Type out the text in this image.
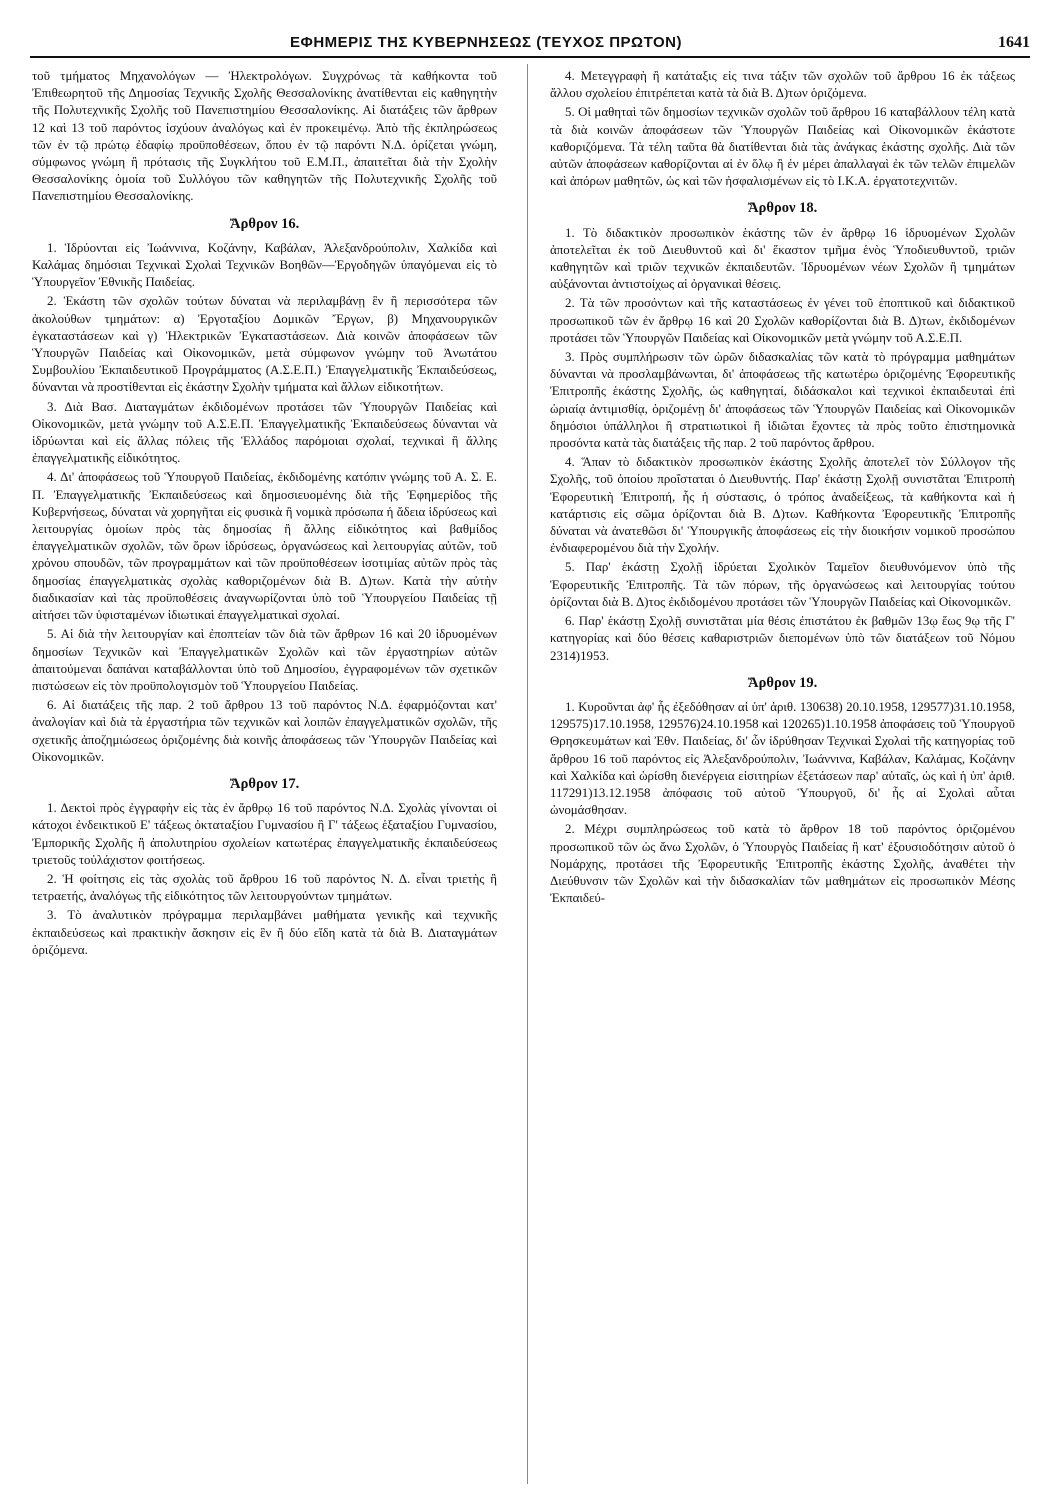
ΕΦΗΜΕΡΙΣ ΤΗΣ ΚΥΒΕΡΝΗΣΕΩΣ (ΤΕΥΧΟΣ ΠΡΩΤΟΝ)	1641

τοῦ τμήματος Μηχανολόγων — Ἠλεκτρολόγων. Συγχρόνως τὰ καθήκοντα τοῦ Ἐπιθεωρητοῦ τῆς Δημοσίας Τεχνικῆς Σχολῆς Θεσσαλονίκης ἀνατίθενται εἰς καθηγητὴν τῆς Πολυτεχνικῆς Σχολῆς τοῦ Πανεπιστημίου Θεσσαλονίκης. Αἱ διατάξεις τῶν ἄρθρων 12 καὶ 13 τοῦ παρόντος ἰσχύουν ἀναλόγως καὶ ἐν προκειμένῳ. Ἀπὸ τῆς ἐκπληρώσεως τῶν ἐν τῷ πρώτῳ ἐδαφίῳ προϋποθέσεων, ὅπου ἐν τῷ παρόντι Ν.Δ. ὁρίζεται γνώμη, σύμφωνος γνώμη ἢ πρότασις τῆς Συγκλήτου τοῦ Ε.Μ.Π., ἀπαιτεῖται διὰ τὴν Σχολὴν Θεσσαλονίκης ὁμοία τοῦ Συλλόγου τῶν καθηγητῶν τῆς Πολυτεχνικῆς Σχολῆς τοῦ Πανεπιστημίου Θεσσαλονίκης.

Ἄρθρον 16.

1. Ἱδρύονται εἰς Ἰωάννινα, Κοζάνην, Καβάλαν, Ἀλεξανδρούπολιν, Χαλκίδα καὶ Καλάμας δημόσιαι Τεχνικαὶ Σχολαὶ Τεχνικῶν Βοηθῶν—Ἐργοδηγῶν ὑπαγόμεναι εἰς τὸ Ὑπουργεῖον Ἐθνικῆς Παιδείας.

2. Ἑκάστη τῶν σχολῶν τούτων δύναται νὰ περιλαμβάνῃ ἓν ἢ περισσότερα τῶν ἀκολούθων τμημάτων: α) Ἐργοταξίου Δομικῶν Ἔργων, β) Μηχανουργικῶν ἐγκαταστάσεων καὶ γ) Ἠλεκτρικῶν Ἐγκαταστάσεων. Διὰ κοινῶν ἀποφάσεων τῶν Ὑπουργῶν Παιδείας καὶ Οἰκονομικῶν, μετὰ σύμφωνον γνώμην τοῦ Ἀνωτάτου Συμβουλίου Ἐκπαιδευτικοῦ Προγράμματος (Α.Σ.Ε.Π.) Ἐπαγγελματικῆς Ἐκπαιδεύσεως, δύνανται νὰ προστίθενται εἰς ἑκάστην Σχολὴν τμήματα καὶ ἄλλων εἰδικοτήτων.

3. Διὰ Βασ. Διαταγμάτων ἐκδιδομένων προτάσει τῶν Ὑπουργῶν Παιδείας καὶ Οἰκονομικῶν, μετὰ γνώμην τοῦ Α.Σ.Ε.Π. Ἐπαγγελματικῆς Ἐκπαιδεύσεως δύνανται νὰ ἱδρύωνται καὶ εἰς ἄλλας πόλεις τῆς Ἑλλάδος παρόμοιαι σχολαί, τεχνικαὶ ἢ ἄλλης ἐπαγγελματικῆς εἰδικότητος.

4. Δι' ἀποφάσεως τοῦ Ὑπουργοῦ Παιδείας, ἐκδιδομένης κατόπιν γνώμης τοῦ Α. Σ. Ε. Π. Ἐπαγγελματικῆς Ἐκπαιδεύσεως καὶ δημοσιευομένης διὰ τῆς Ἐφημερίδος τῆς Κυβερνήσεως, δύναται νὰ χορηγῆται εἰς φυσικὰ ἢ νομικὰ πρόσωπα ἡ ἄδεια ἱδρύσεως καὶ λειτουργίας ὁμοίων πρὸς τὰς δημοσίας ἢ ἄλλης εἰδικότητος καὶ βαθμίδος ἐπαγγελματικῶν σχολῶν, τῶν ὅρων ἱδρύσεως, ὀργανώσεως καὶ λειτουργίας αὐτῶν, τοῦ χρόνου σπουδῶν, τῶν προγραμμάτων καὶ τῶν προϋποθέσεων ἰσοτιμίας αὐτῶν πρὸς τὰς δημοσίας ἐπαγγελματικὰς σχολὰς καθοριζομένων διὰ Β. Δ)των. Κατὰ τὴν αὐτὴν διαδικασίαν καὶ τὰς προϋποθέσεις ἀναγνωρίζονται ὑπὸ τοῦ Ὑπουργείου Παιδείας τῇ αἰτήσει τῶν ὑφισταμένων ἰδιωτικαὶ ἐπαγγελματικαὶ σχολαί.

5. Αἱ διὰ τὴν λειτουργίαν καὶ ἐποπτείαν τῶν διὰ τῶν ἄρθρων 16 καὶ 20 ἱδρυομένων δημοσίων Τεχνικῶν καὶ Ἐπαγγελματικῶν Σχολῶν καὶ τῶν ἐργαστηρίων αὐτῶν ἀπαιτούμεναι δαπάναι καταβάλλονται ὑπὸ τοῦ Δημοσίου, ἐγγραφομένων τῶν σχετικῶν πιστώσεων εἰς τὸν προϋπολογισμὸν τοῦ Ὑπουργείου Παιδείας.

6. Αἱ διατάξεις τῆς παρ. 2 τοῦ ἄρθρου 13 τοῦ παρόντος Ν.Δ. ἐφαρμόζονται κατ' ἀναλογίαν καὶ διὰ τὰ ἐργαστήρια τῶν τεχνικῶν καὶ λοιπῶν ἐπαγγελματικῶν σχολῶν, τῆς σχετικῆς ἀποζημιώσεως ὁριζομένης διὰ κοινῆς ἀποφάσεως τῶν Ὑπουργῶν Παιδείας καὶ Οἰκονομικῶν.

Ἄρθρον 17.

1. Δεκτοὶ πρὸς ἐγγραφὴν εἰς τὰς ἐν ἄρθρῳ 16 τοῦ παρόντος Ν.Δ. Σχολὰς γίνονται οἱ κάτοχοι ἐνδεικτικοῦ Ε' τάξεως ὀκταταξίου Γυμνασίου ἢ Γ' τάξεως ἑξαταξίου Γυμνασίου, Ἐμπορικῆς Σχολῆς ἢ ἀπολυτηρίου σχολείων κατωτέρας ἐπαγγελματικῆς ἐκπαιδεύσεως τριετοῦς τοὐλάχιστον φοιτήσεως.

2. Ἡ φοίτησις εἰς τὰς σχολὰς τοῦ ἄρθρου 16 τοῦ παρόντος Ν. Δ. εἶναι τριετὴς ἢ τετραετής, ἀναλόγως τῆς εἰδικότητος τῶν λειτουργούντων τμημάτων.

3. Τὸ ἀναλυτικὸν πρόγραμμα περιλαμβάνει μαθήματα γενικῆς καὶ τεχνικῆς ἐκπαιδεύσεως καὶ πρακτικὴν ἄσκησιν εἰς ἓν ἢ δύο εἴδη κατὰ τὰ διὰ Β. Διαταγμάτων ὁριζόμενα.

4. Μετεγγραφὴ ἢ κατάταξις εἰς τινα τάξιν τῶν σχολῶν τοῦ ἄρθρου 16 ἐκ τάξεως ἄλλου σχολείου ἐπιτρέπεται κατὰ τὰ διὰ Β. Δ)των ὁριζόμενα.

5. Οἱ μαθηταὶ τῶν δημοσίων τεχνικῶν σχολῶν τοῦ ἄρθρου 16 καταβάλλουν τέλη κατὰ τὰ διὰ κοινῶν ἀποφάσεων τῶν Ὑπουργῶν Παιδείας καὶ Οἰκονομικῶν ἑκάστοτε καθοριζόμενα. Τὰ τέλη ταῦτα θὰ διατίθενται διὰ τὰς ἀνάγκας ἑκάστης σχολῆς. Διὰ τῶν αὐτῶν ἀποφάσεων καθορίζονται αἱ ἐν ὅλῳ ἢ ἐν μέρει ἀπαλλαγαὶ ἐκ τῶν τελῶν ἐπιμελῶν καὶ ἀπόρων μαθητῶν, ὡς καὶ τῶν ἠσφαλισμένων εἰς τὸ Ι.Κ.Α. ἐργατοτεχνιτῶν.

Ἄρθρον 18.

1. Τὸ διδακτικὸν προσωπικὸν ἑκάστης τῶν ἐν ἄρθρῳ 16 ἱδρυομένων Σχολῶν ἀποτελεῖται ἐκ τοῦ Διευθυντοῦ καὶ δι' ἕκαστον τμῆμα ἑνὸς Ὑποδιευθυντοῦ, τριῶν καθηγητῶν καὶ τριῶν τεχνικῶν ἐκπαιδευτῶν. Ἱδρυομένων νέων Σχολῶν ἢ τμημάτων αὐξάνονται ἀντιστοίχως αἱ ὀργανικαὶ θέσεις.

2. Τὰ τῶν προσόντων καὶ τῆς καταστάσεως ἐν γένει τοῦ ἐποπτικοῦ καὶ διδακτικοῦ προσωπικοῦ τῶν ἐν ἄρθρῳ 16 καὶ 20 Σχολῶν καθορίζονται διὰ Β. Δ)των, ἐκδιδομένων προτάσει τῶν Ὑπουργῶν Παιδείας καὶ Οἰκονομικῶν μετὰ γνώμην τοῦ Α.Σ.Ε.Π.

3. Πρὸς συμπλήρωσιν τῶν ὡρῶν διδασκαλίας τῶν κατὰ τὸ πρόγραμμα μαθημάτων δύνανται νὰ προσλαμβάνωνται, δι' ἀποφάσεως τῆς κατωτέρω ὁριζομένης Ἐφορευτικῆς Ἐπιτροπῆς ἑκάστης Σχολῆς, ὡς καθηγηταί, διδάσκαλοι καὶ τεχνικοὶ ἐκπαιδευταὶ ἐπὶ ὡριαίᾳ ἀντιμισθίᾳ, ὁριζομένῃ δι' ἀποφάσεως τῶν Ὑπουργῶν Παιδείας καὶ Οἰκονομικῶν δημόσιοι ὑπάλληλοι ἢ στρατιωτικοὶ ἢ ἰδιῶται ἔχοντες τὰ πρὸς τοῦτο ἐπιστημονικὰ προσόντα κατὰ τὰς διατάξεις τῆς παρ. 2 τοῦ παρόντος ἄρθρου.

4. Ἅπαν τὸ διδακτικὸν προσωπικὸν ἑκάστης Σχολῆς ἀποτελεῖ τὸν Σύλλογον τῆς Σχολῆς, τοῦ ὁποίου προΐσταται ὁ Διευθυντής. Παρ' ἑκάστῃ Σχολῇ συνιστᾶται Ἐπιτροπὴ Ἐφορευτικὴ Ἐπιτροπή, ἧς ἡ σύστασις, ὁ τρόπος ἀναδείξεως, τὰ καθήκοντα καὶ ἡ κατάρτισις εἰς σῶμα ὁρίζονται διὰ Β. Δ)των. Καθήκοντα Ἐφορευτικῆς Ἐπιτροπῆς δύναται νὰ ἀνατεθῶσι δι' Ὑπουργικῆς ἀποφάσεως εἰς τὴν διοικήσιν νομικοῦ προσώπου ἐνδιαφερομένου διὰ τὴν Σχολήν.

5. Παρ' ἑκάστῃ Σχολῇ ἱδρύεται Σχολικὸν Ταμεῖον διευθυνόμενον ὑπὸ τῆς Ἐφορευτικῆς Ἐπιτροπῆς. Τὰ τῶν πόρων, τῆς ὀργανώσεως καὶ λειτουργίας τούτου ὁρίζονται διὰ Β. Δ)τος ἐκδιδομένου προτάσει τῶν Ὑπουργῶν Παιδείας καὶ Οἰκονομικῶν.

6. Παρ' ἑκάστῃ Σχολῇ συνιστᾶται μία θέσις ἐπιστάτου ἐκ βαθμῶν 13ῳ ἕως 9ῳ τῆς Γ' κατηγορίας καὶ δύο θέσεις καθαριστριῶν διεπομένων ὑπὸ τῶν διατάξεων τοῦ Νόμου 2314)1953.

Ἄρθρον 19.

1. Κυροῦνται ἀφ' ἧς ἐξεδόθησαν αἱ ὑπ' ἀριθ. 130638) 20.10.1958, 129577)31.10.1958, 129575)17.10.1958, 129576)24.10.1958 καὶ 120265)1.10.1958 ἀποφάσεις τοῦ Ὑπουργοῦ Θρησκευμάτων καὶ Ἐθν. Παιδείας, δι' ὧν ἱδρύθησαν Τεχνικαὶ Σχολαὶ τῆς κατηγορίας τοῦ ἄρθρου 16 τοῦ παρόντος εἰς Ἀλεξανδρούπολιν, Ἰωάννινα, Καβάλαν, Καλάμας, Κοζάνην καὶ Χαλκίδα καὶ ὡρίσθη διενέργεια εἰσιτηρίων ἐξετάσεων παρ' αὐταῖς, ὡς καὶ ἡ ὑπ' ἀριθ. 117291)13.12.1958 ἀπόφασις τοῦ αὐτοῦ Ὑπουργοῦ, δι' ἧς αἱ Σχολαὶ αὗται ὠνομάσθησαν.

2. Μέχρι συμπληρώσεως τοῦ κατὰ τὸ ἄρθρον 18 τοῦ παρόντος ὁριζομένου προσωπικοῦ τῶν ὡς ἄνω Σχολῶν, ὁ Ὑπουργὸς Παιδείας ἢ κατ' ἐξουσιοδότησιν αὐτοῦ ὁ Νομάρχης, προτάσει τῆς Ἐφορευτικῆς Ἐπιτροπῆς ἑκάστης Σχολῆς, ἀναθέτει τὴν Διεύθυνσιν τῶν Σχολῶν καὶ τὴν διδασκαλίαν τῶν μαθημάτων εἰς προσωπικὸν Μέσης Ἐκπαιδεύ-
